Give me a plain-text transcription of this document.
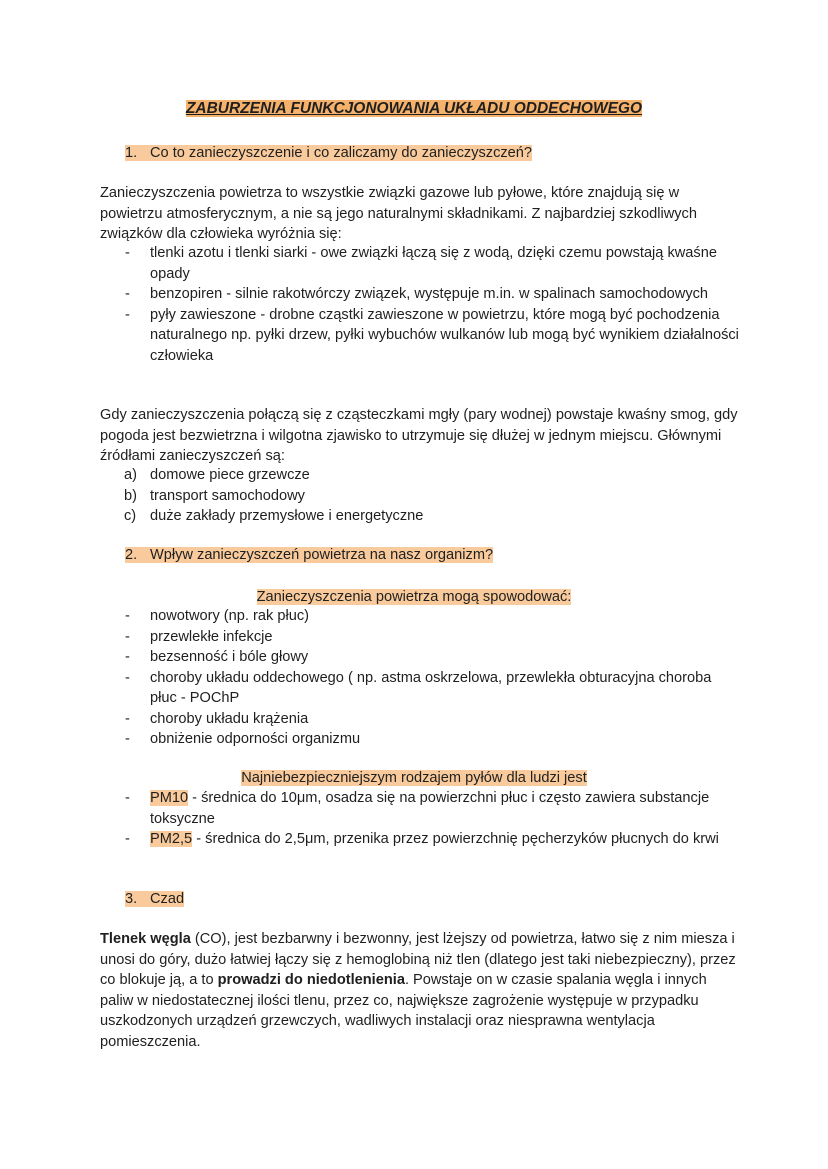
ZABURZENIA FUNKCJONOWANIA UKŁADU ODDECHOWEGO
1. Co to zanieczyszczenie i co zaliczamy do zanieczyszczeń?
Zanieczyszczenia powietrza to wszystkie związki gazowe lub pyłowe, które znajdują się w powietrzu atmosferycznym, a nie są jego naturalnymi składnikami. Z najbardziej szkodliwych związków dla człowieka wyróżnia się:
-	tlenki azotu i tlenki siarki - owe związki łączą się z wodą, dzięki czemu powstają kwaśne opady
-	benzopiren - silnie rakotwórczy związek, występuje m.in. w spalinach samochodowych
-	pyły zawieszone - drobne cząstki zawieszone w powietrzu, które mogą być pochodzenia naturalnego np. pyłki drzew, pyłki wybuchów wulkanów lub mogą być wynikiem działalności człowieka
Gdy zanieczyszczenia połączą się z cząsteczkami mgły (pary wodnej) powstaje kwaśny smog, gdy pogoda jest bezwietrzna i wilgotna zjawisko to utrzymuje się dłużej w jednym miejscu. Głównymi źródłami zanieczyszczeń są:
a) domowe piece grzewcze
b) transport samochodowy
c) duże zakłady przemysłowe i energetyczne
2. Wpływ zanieczyszczeń powietrza na nasz organizm?
Zanieczyszczenia powietrza mogą spowodować:
-	nowotwory (np. rak płuc)
-	przewlekłe infekcje
-	bezsenność i bóle głowy
-	choroby układu oddechowego ( np. astma oskrzelowa, przewlekła obturacyjna choroba płuc - POChP
-	choroby układu krążenia
-	obniżenie odporności organizmu
Najniebezpieczniejszym rodzajem pyłów dla ludzi jest
-	PM10 - średnica do 10μm, osadza się na powierzchni płuc i często zawiera substancje toksyczne
-	PM2,5 - średnica do 2,5μm, przenika przez powierzchnię pęcherzyków płucnych do krwi
3. Czad
Tlenek węgla (CO), jest bezbarwny i bezwonny, jest lżejszy od powietrza, łatwo się z nim miesza i unosi do góry, dużo łatwiej łączy się z hemoglobiną niż tlen (dlatego jest taki niebezpieczny), przez co blokuje ją, a to prowadzi do niedotlenienia. Powstaje on w czasie spalania węgla i innych paliw w niedostatecznej ilości tlenu, przez co, największe zagrożenie występuje w przypadku uszkodzonych urządzeń grzewczych, wadliwych instalacji oraz niesprawna wentylacja pomieszczenia.
